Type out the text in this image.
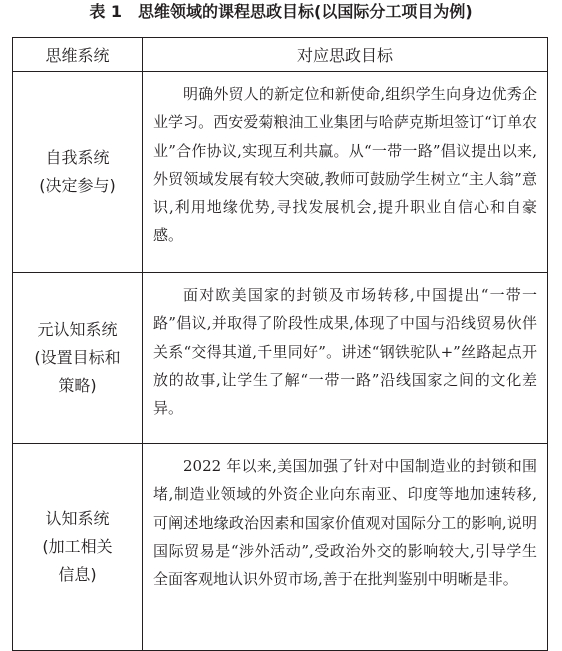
表 1 思维领域的课程思政目标(以国际分工项目为例)
思维系统	对应思政目标

自我系统
(决定参与)	明确外贸人的新定位和新使命,组织学生向身边优秀企业学习。西安爱菊粮油工业集团与哈萨克斯坦签订“订单农业”合作协议,实现互利共赢。从“一带一路”倡议提出以来,外贸领域发展有较大突破,教师可鼓励学生树立“主人翁”意识,利用地缘优势,寻找发展机会,提升职业自信心和自豪感。

元认知系统
(设置目标和策略)	面对欧美国家的封锁及市场转移,中国提出“一带一路”倡议,并取得了阶段性成果,体现了中国与沿线贸易伙伴关系“交得其道,千里同好”。讲述“钢铁驼队+”丝路起点开放的故事,让学生了解“一带一路”沿线国家之间的文化差异。

认知系统
(加工相关信息)	2022 年以来,美国加强了针对中国制造业的封锁和围堵,制造业领域的外资企业向东南亚、印度等地加速转移,可阐述地缘政治因素和国家价值观对国际分工的影响,说明国际贸易是“涉外活动”,受政治外交的影响较大,引导学生全面客观地认识外贸市场,善于在批判鉴别中明晰是非。
